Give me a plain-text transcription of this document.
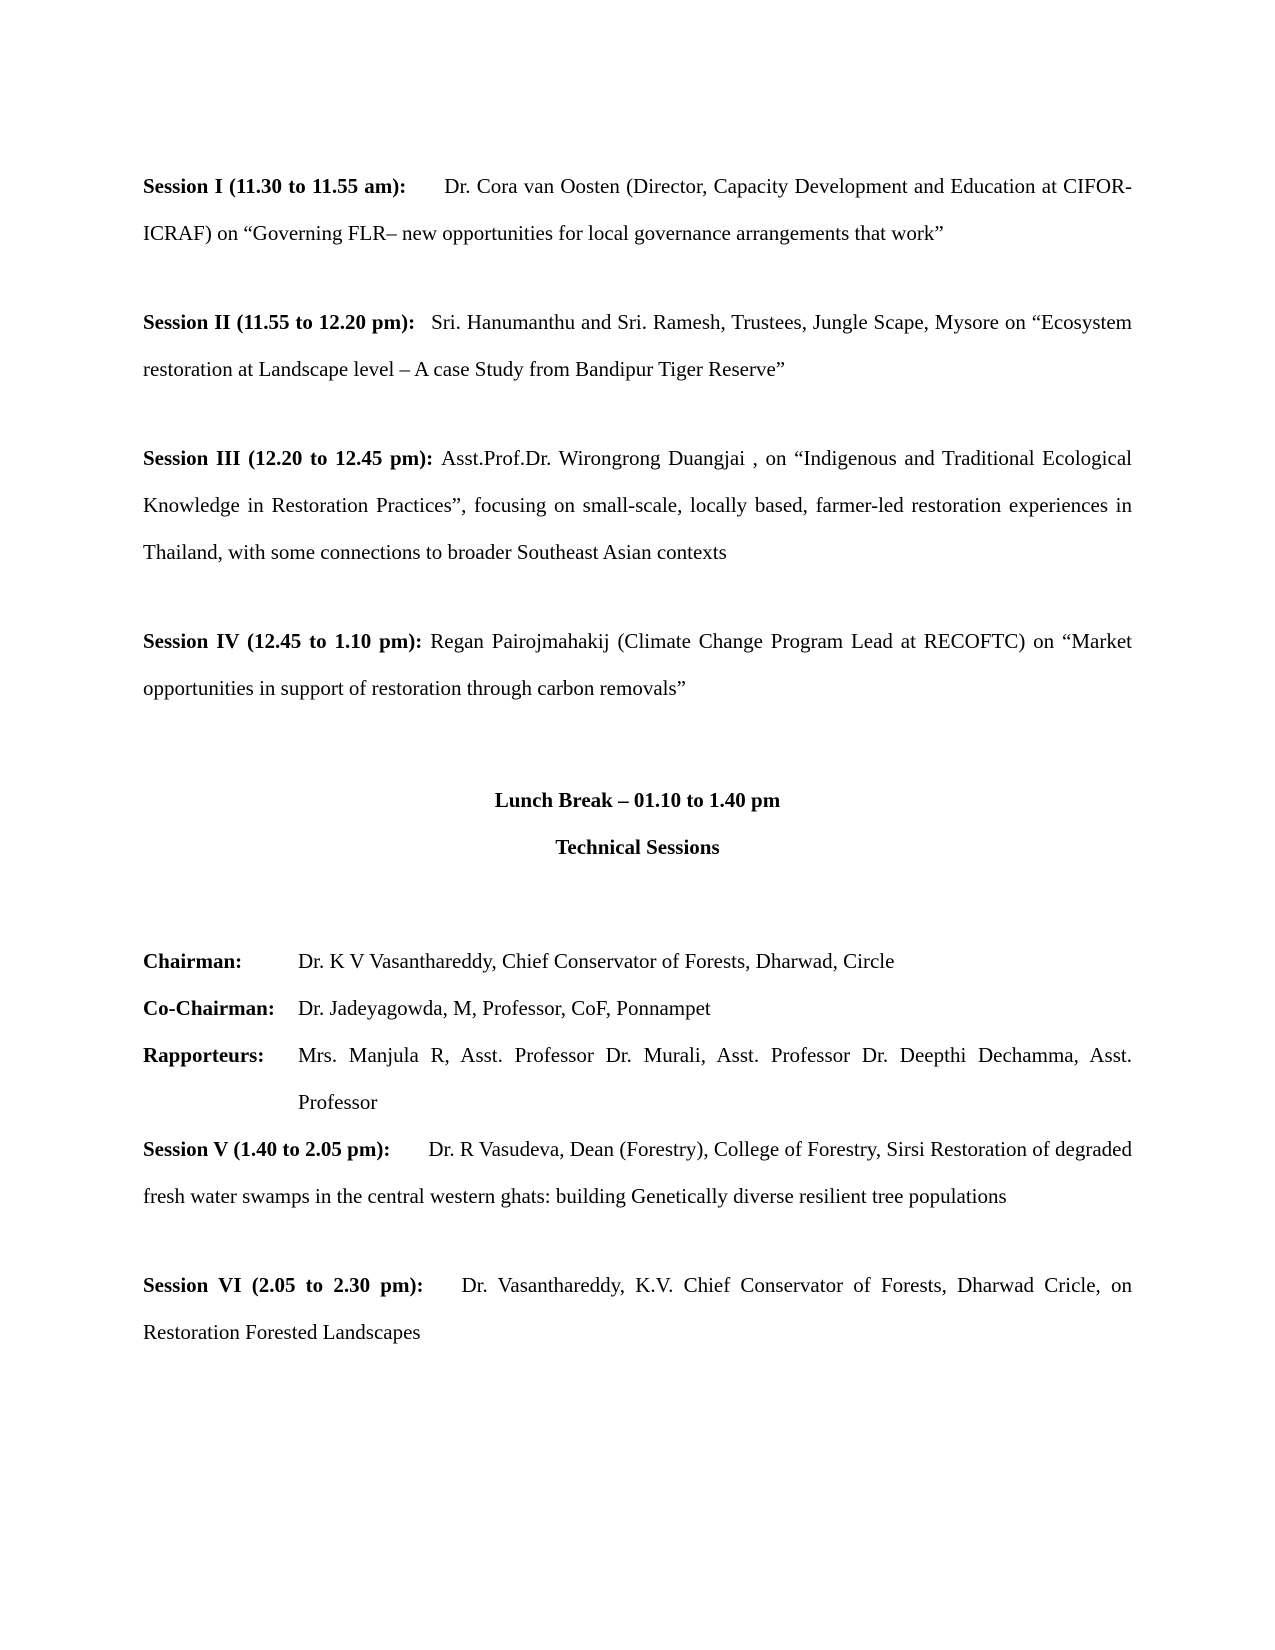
Session I (11.30 to 11.55 am): Dr. Cora van Oosten (Director, Capacity Development and Education at CIFOR-ICRAF) on “Governing FLR– new opportunities for local governance arrangements that work”

Session II (11.55 to 12.20 pm): Sri. Hanumanthu and Sri. Ramesh, Trustees, Jungle Scape, Mysore on “Ecosystem restoration at Landscape level – A case Study from Bandipur Tiger Reserve”

Session III (12.20 to 12.45 pm): Asst.Prof.Dr. Wirongrong Duangjai , on “Indigenous and Traditional Ecological Knowledge in Restoration Practices”, focusing on small-scale, locally based, farmer-led restoration experiences in Thailand, with some connections to broader Southeast Asian contexts

Session IV (12.45 to 1.10 pm): Regan Pairojmahakij (Climate Change Program Lead at RECOFTC) on “Market opportunities in support of restoration through carbon removals”

Lunch Break – 01.10 to 1.40 pm

Technical Sessions

Chairman:	Dr. K V Vasanthareddy, Chief Conservator of Forests, Dharwad, Circle
Co-Chairman: Dr. Jadeyagowda, M, Professor, CoF, Ponnampet
Rapporteurs: Mrs. Manjula R, Asst. Professor Dr. Murali, Asst. Professor Dr. Deepthi Dechamma, Asst. Professor

Session V (1.40 to 2.05 pm): Dr. R Vasudeva, Dean (Forestry), College of Forestry, Sirsi Restoration of degraded fresh water swamps in the central western ghats: building Genetically diverse resilient tree populations

Session VI (2.05 to 2.30 pm): Dr. Vasanthareddy, K.V. Chief Conservator of Forests, Dharwad Cricle, on Restoration Forested Landscapes
